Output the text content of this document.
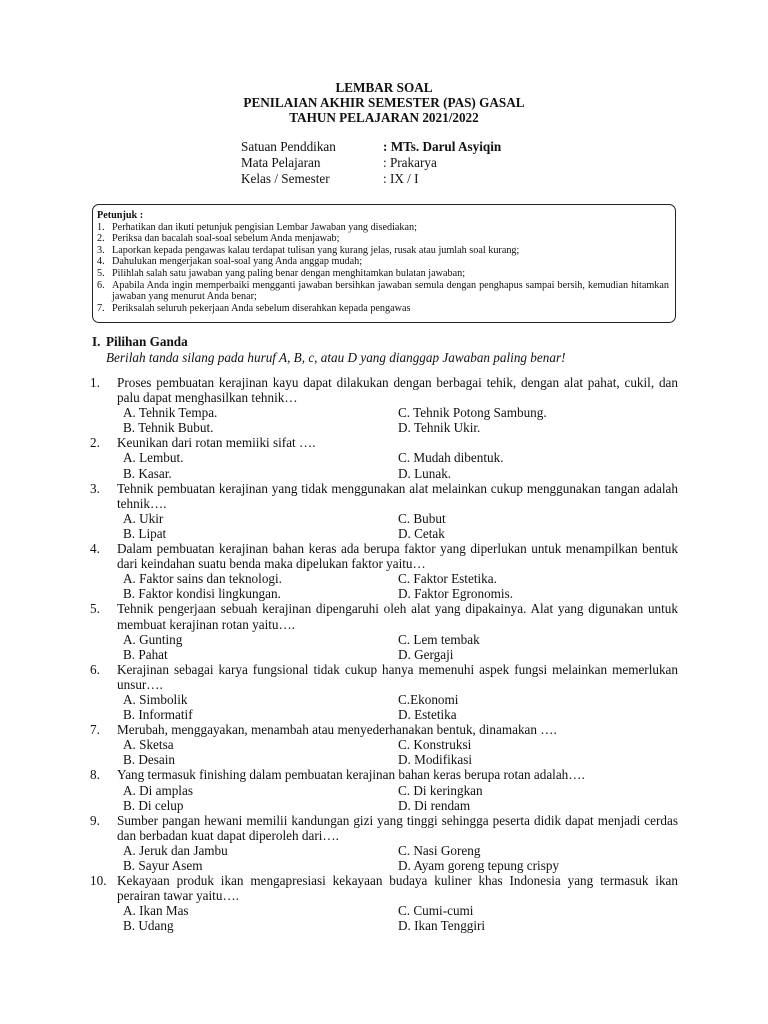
LEMBAR SOAL
PENILAIAN AKHIR SEMESTER (PAS) GASAL
TAHUN PELAJARAN 2021/2022
Satuan Penddikan	: MTs. Darul Asyiqin
Mata Pelajaran	: Prakarya
Kelas / Semester	: IX / I
Petunjuk :
1. Perhatikan dan ikuti petunjuk pengisian Lembar Jawaban yang disediakan;
2. Periksa dan bacalah soal-soal sebelum Anda menjawab;
3. Laporkan kepada pengawas kalau terdapat tulisan yang kurang jelas, rusak atau jumlah soal kurang;
4. Dahulukan mengerjakan soal-soal yang Anda anggap mudah;
5. Pilihlah salah satu jawaban yang paling benar dengan menghitamkan bulatan jawaban;
6. Apabila Anda ingin memperbaiki mengganti jawaban bersihkan jawaban semula dengan penghapus sampai bersih, kemudian hitamkan jawaban yang menurut Anda benar;
7. Periksalah seluruh pekerjaan Anda sebelum diserahkan kepada pengawas
I. Pilihan Ganda
Berilah tanda silang pada huruf A, B, c, atau D yang dianggap Jawaban paling benar!
1.	Proses pembuatan kerajinan kayu dapat dilakukan dengan berbagai tehik, dengan alat pahat, cukil, dan palu dapat menghasilkan tehnik…
A. Tehnik Tempa.	C. Tehnik Potong Sambung.
B. Tehnik Bubut.	D. Tehnik Ukir.
2.	Keunikan dari rotan memiiki sifat ….
A. Lembut.	C. Mudah dibentuk.
B. Kasar.	D. Lunak.
3.	Tehnik pembuatan kerajinan yang tidak menggunakan alat melainkan cukup menggunakan tangan adalah tehnik….
A. Ukir	C. Bubut
B. Lipat	D. Cetak
4.	Dalam pembuatan kerajinan bahan keras ada berupa faktor yang diperlukan untuk menampilkan bentuk dari keindahan suatu benda maka dipelukan faktor yaitu…
A. Faktor sains dan teknologi.	C. Faktor Estetika.
B. Faktor kondisi lingkungan.	D. Faktor Egronomis.
5.	Tehnik pengerjaan sebuah kerajinan dipengaruhi oleh alat yang dipakainya. Alat yang digunakan untuk membuat kerajinan rotan yaitu….
A. Gunting	C. Lem tembak
B. Pahat	D. Gergaji
6.	Kerajinan sebagai karya fungsional tidak cukup hanya memenuhi aspek fungsi melainkan memerlukan unsur….
A. Simbolik	C.Ekonomi
B. Informatif	D. Estetika
7.	Merubah, menggayakan, menambah atau menyederhanakan bentuk, dinamakan ….
A. Sketsa	C. Konstruksi
B. Desain	D. Modifikasi
8.	Yang termasuk finishing dalam pembuatan kerajinan bahan keras berupa rotan adalah….
A. Di amplas	C. Di keringkan
B. Di celup	D. Di rendam
9.	Sumber pangan hewani memilii kandungan gizi yang tinggi sehingga peserta didik dapat menjadi cerdas dan berbadan kuat dapat diperoleh dari….
A. Jeruk dan Jambu	C. Nasi Goreng
B. Sayur Asem	D. Ayam goreng tepung crispy
10. Kekayaan produk ikan mengapresiasi kekayaan budaya kuliner khas Indonesia yang termasuk ikan perairan tawar yaitu….
A. Ikan Mas	C. Cumi-cumi
B. Udang	D. Ikan Tenggiri
